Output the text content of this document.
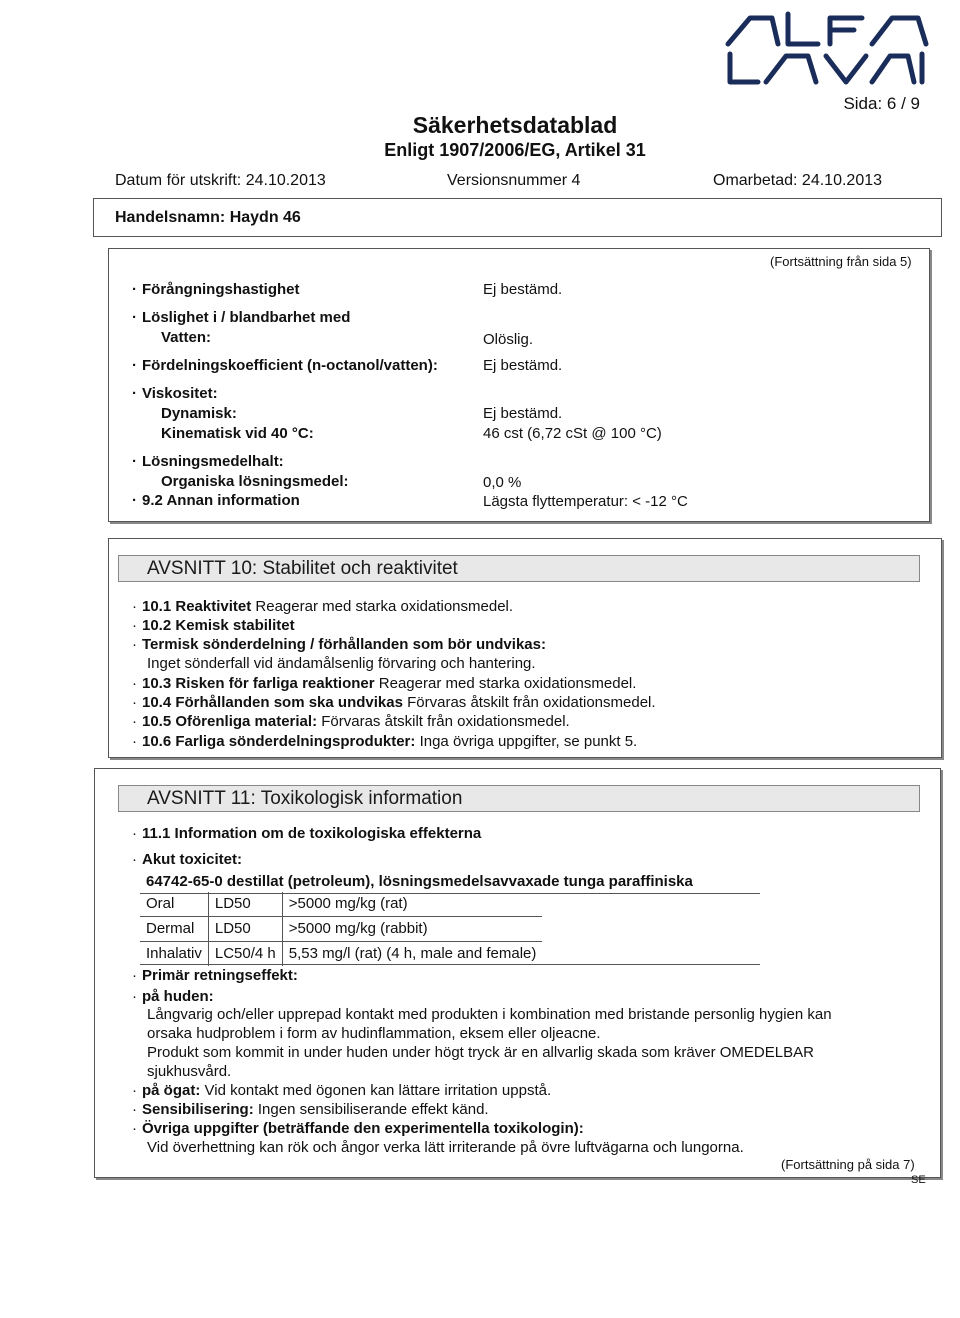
Sida: 6 / 9
Säkerhetsdatablad
Enligt 1907/2006/EG, Artikel 31
Datum för utskrift: 24.10.2013	Versionsnummer 4	Omarbetad: 24.10.2013
Handelsnamn: Haydn 46
(Fortsättning från sida 5)
· Förångningshastighet	Ej bestämd.
· Löslighet i / blandbarhet med
Vatten:	Olöslig.
· Fördelningskoefficient (n-octanol/vatten):	Ej bestämd.
· Viskositet:
Dynamisk:	Ej bestämd.
Kinematisk vid 40 °C:	46 cst (6,72 cSt @ 100 °C)
· Lösningsmedelhalt:
Organiska lösningsmedel:	0,0 %
· 9.2 Annan information	Lägsta flyttemperatur: < -12 °C
AVSNITT 10: Stabilitet och reaktivitet
· 10.1 Reaktivitet Reagerar med starka oxidationsmedel.
· 10.2 Kemisk stabilitet
· Termisk sönderdelning / förhållanden som bör undvikas:
Inget sönderfall vid ändamålsenlig förvaring och hantering.
· 10.3 Risken för farliga reaktioner Reagerar med starka oxidationsmedel.
· 10.4 Förhållanden som ska undvikas Förvaras åtskilt från oxidationsmedel.
· 10.5 Oförenliga material: Förvaras åtskilt från oxidationsmedel.
· 10.6 Farliga sönderdelningsprodukter: Inga övriga uppgifter, se punkt 5.
AVSNITT 11: Toxikologisk information
· 11.1 Information om de toxikologiska effekterna
· Akut toxicitet:
64742-65-0 destillat (petroleum), lösningsmedelsavvaxade tunga paraffiniska
Oral	LD50	>5000 mg/kg (rat)
Dermal	LD50	>5000 mg/kg (rabbit)
Inhalativ	LC50/4 h	5,53 mg/l (rat) (4 h, male and female)
· Primär retningseffekt:
· på huden:
Långvarig och/eller upprepad kontakt med produkten i kombination med bristande personlig hygien kan
orsaka hudproblem i form av hudinflammation, eksem eller oljeacne.
Produkt som kommit in under huden under högt tryck är en allvarlig skada som kräver OMEDELBAR
sjukhusvård.
· på ögat: Vid kontakt med ögonen kan lättare irritation uppstå.
· Sensibilisering: Ingen sensibiliserande effekt känd.
· Övriga uppgifter (beträffande den experimentella toxikologin):
Vid överhettning kan rök och ångor verka lätt irriterande på övre luftvägarna och lungorna.
(Fortsättning på sida 7)
SE
